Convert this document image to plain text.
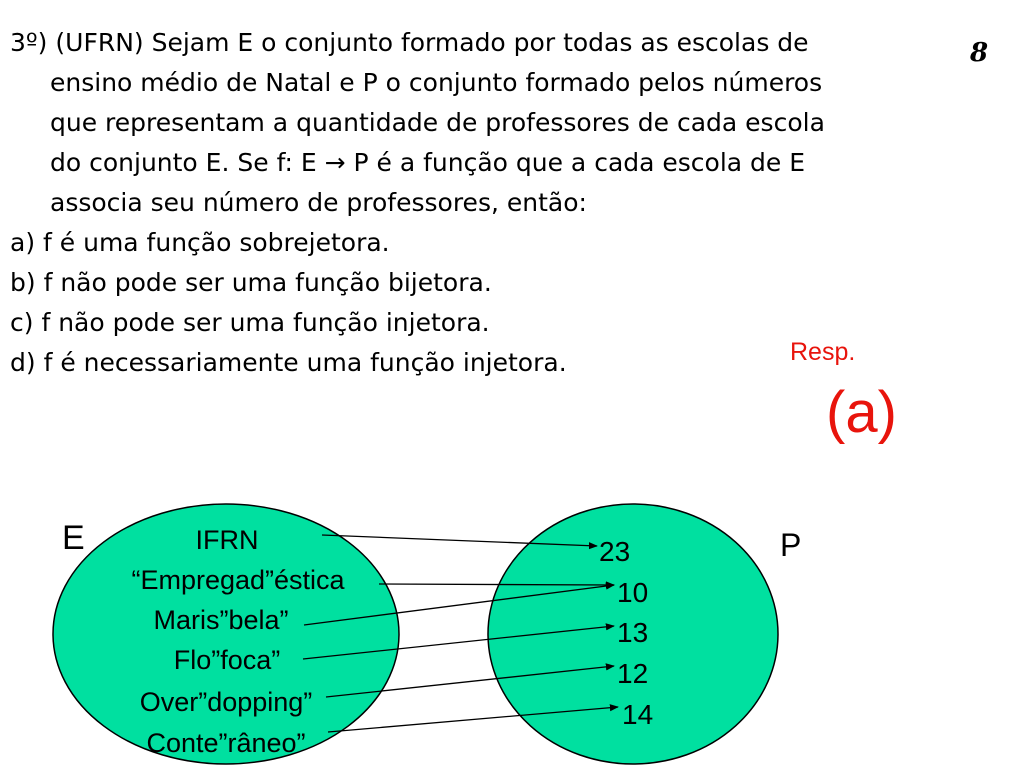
8
3º) (UFRN) Sejam E o conjunto formado por todas as escolas de
ensino médio de Natal e P o conjunto formado pelos números
que representam a quantidade de professores de cada escola
do conjunto E. Se f: E → P é a função que a cada escola de E
associa seu número de professores, então:
a) f é uma função sobrejetora.
b) f não pode ser uma função bijetora.
c) f não pode ser uma função injetora.
d) f é necessariamente uma função injetora.	Resp.
(a)
E	P
IFRN
“Empregad”éstica
Maris”bela”
Flo”foca”
Over”dopping”
Conte”râneo”
23
10
13
12
14
